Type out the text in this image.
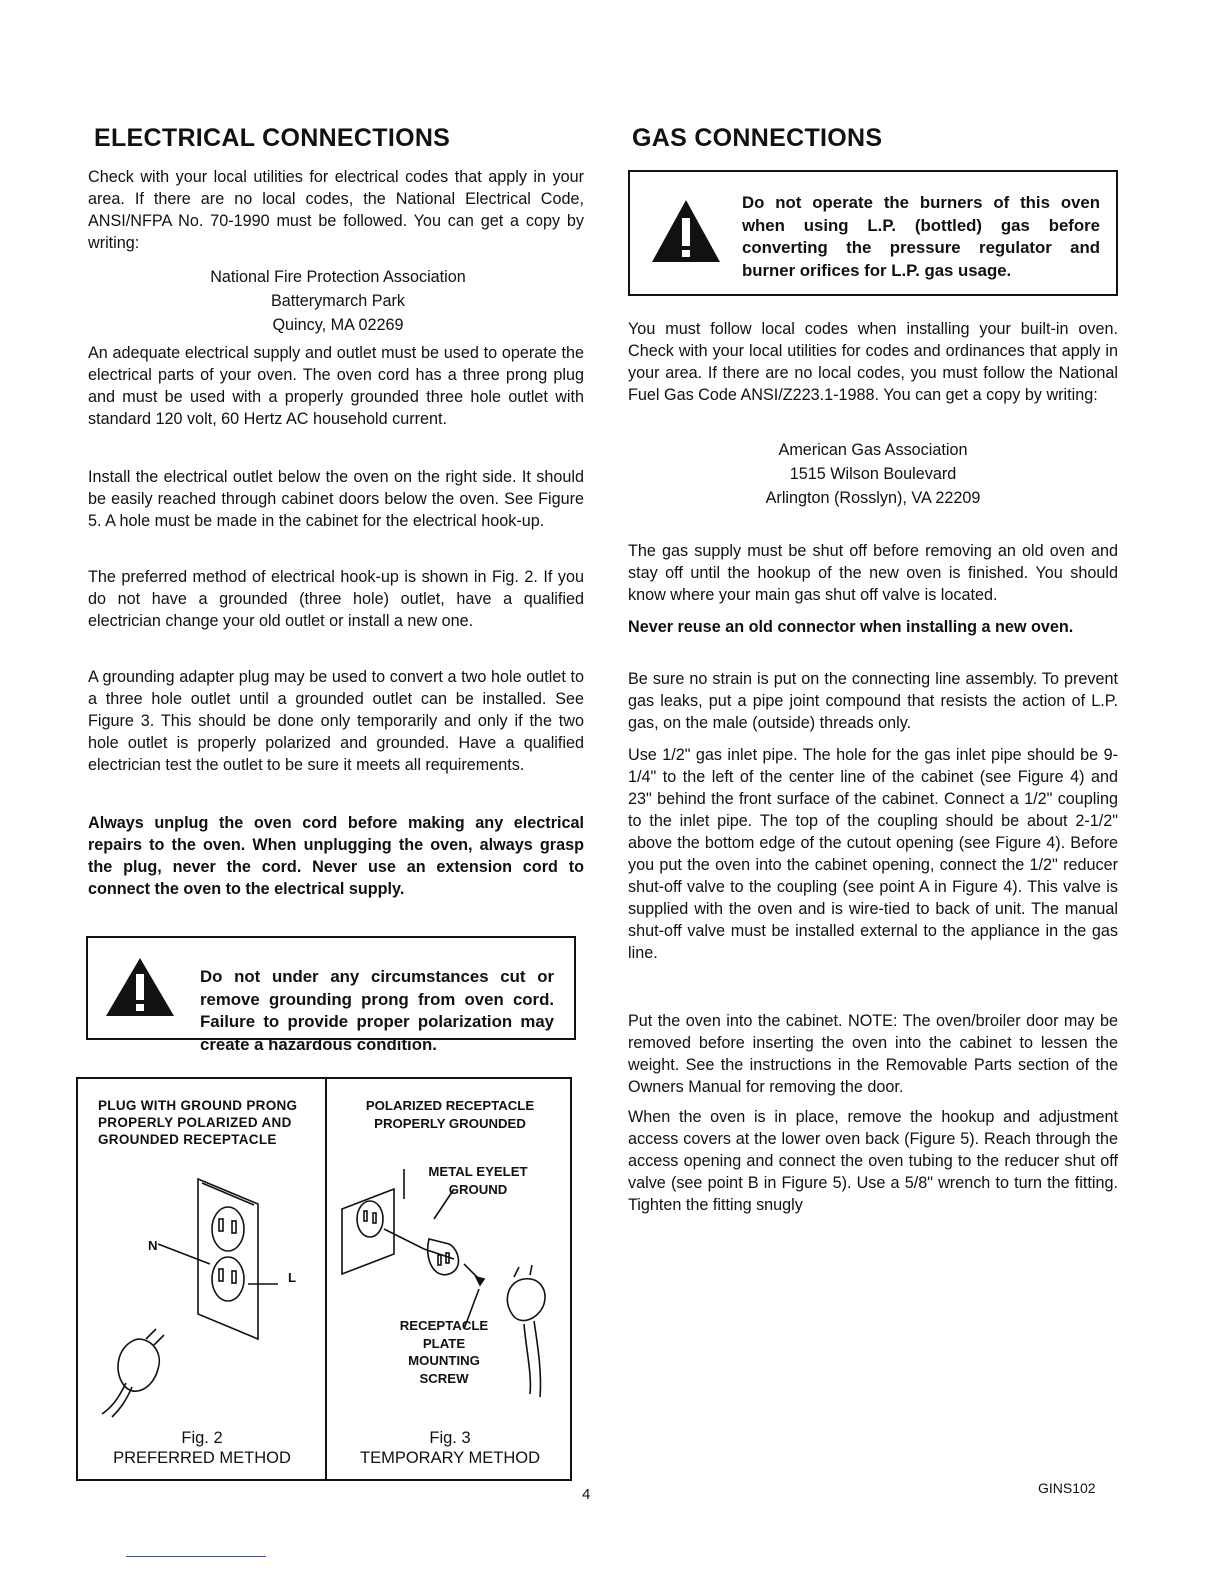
ELECTRICAL CONNECTIONS

Check with your local utilities for electrical codes that apply in your area. If there are no local codes, the National Electrical Code, ANSI/NFPA No. 70-1990 must be followed. You can get a copy by writing:

National Fire Protection Association
Batterymarch Park
Quincy, MA 02269

An adequate electrical supply and outlet must be used to operate the electrical parts of your oven. The oven cord has a three prong plug and must be used with a properly grounded three hole outlet with standard 120 volt, 60 Hertz AC household current.

Install the electrical outlet below the oven on the right side. It should be easily reached through cabinet doors below the oven. See Figure 5. A hole must be made in the cabinet for the electrical hook-up.

The preferred method of electrical hook-up is shown in Fig. 2. If you do not have a grounded (three hole) outlet, have a qualified electrician change your old outlet or install a new one.

A grounding adapter plug may be used to convert a two hole outlet to a three hole outlet until a grounded outlet can be installed. See Figure 3. This should be done only temporarily and only if the two hole outlet is properly polarized and grounded. Have a qualified electrician test the outlet to be sure it meets all requirements.

Always unplug the oven cord before making any electrical repairs to the oven. When unplugging the oven, always grasp the plug, never the cord. Never use an extension cord to connect the oven to the electrical supply.

Do not under any circumstances cut or remove grounding prong from oven cord. Failure to provide proper polarization may create a hazardous condition.
PLUG WITH GROUND PRONG
PROPERLY POLARIZED AND
GROUNDED RECEPTACLE
N
L
Fig. 2
PREFERRED METHOD
POLARIZED RECEPTACLE
PROPERLY GROUNDED
METAL EYELET
GROUND
RECEPTACLE
PLATE
MOUNTING
SCREW
Fig. 3
TEMPORARY METHOD
GAS CONNECTIONS

You must follow local codes when installing your built-in oven. Check with your local utilities for codes and ordinances that apply in your area. If there are no local codes, you must follow the National Fuel Gas Code ANSI/Z223.1-1988. You can get a copy by writing:

American Gas Association
1515 Wilson Boulevard
Arlington (Rosslyn), VA 22209

The gas supply must be shut off before removing an old oven and stay off until the hookup of the new oven is finished. You should know where your main gas shut off valve is located.

Never reuse an old connector when installing a new oven.

Be sure no strain is put on the connecting line assembly. To prevent gas leaks, put a pipe joint compound that resists the action of L.P. gas, on the male (outside) threads only.

Use 1/2" gas inlet pipe. The hole for the gas inlet pipe should be 9-1/4" to the left of the center line of the cabinet (see Figure 4) and 23" behind the front surface of the cabinet. Connect a 1/2" coupling to the inlet pipe. The top of the coupling should be about 2-1/2" above the bottom edge of the cutout opening (see Figure 4). Before you put the oven into the cabinet opening, connect the 1/2" reducer shut-off valve to the coupling (see point A in Figure 4). This valve is supplied with the oven and is wire-tied to back of unit. The manual shut-off valve must be installed external to the appliance in the gas line.

Put the oven into the cabinet. NOTE: The oven/broiler door may be removed before inserting the oven into the cabinet to lessen the weight. See the instructions in the Removable Parts section of the Owners Manual for removing the door.

When the oven is in place, remove the hookup and adjustment access covers at the lower oven back (Figure 5). Reach through the access opening and connect the oven tubing to the reducer shut off valve (see point B in Figure 5). Use a 5/8" wrench to turn the fitting. Tighten the fitting snugly

Do not operate the burners of this oven when using L.P. (bottled) gas before converting the pressure regulator and burner orifices for L.P. gas usage.
4	GINS102
